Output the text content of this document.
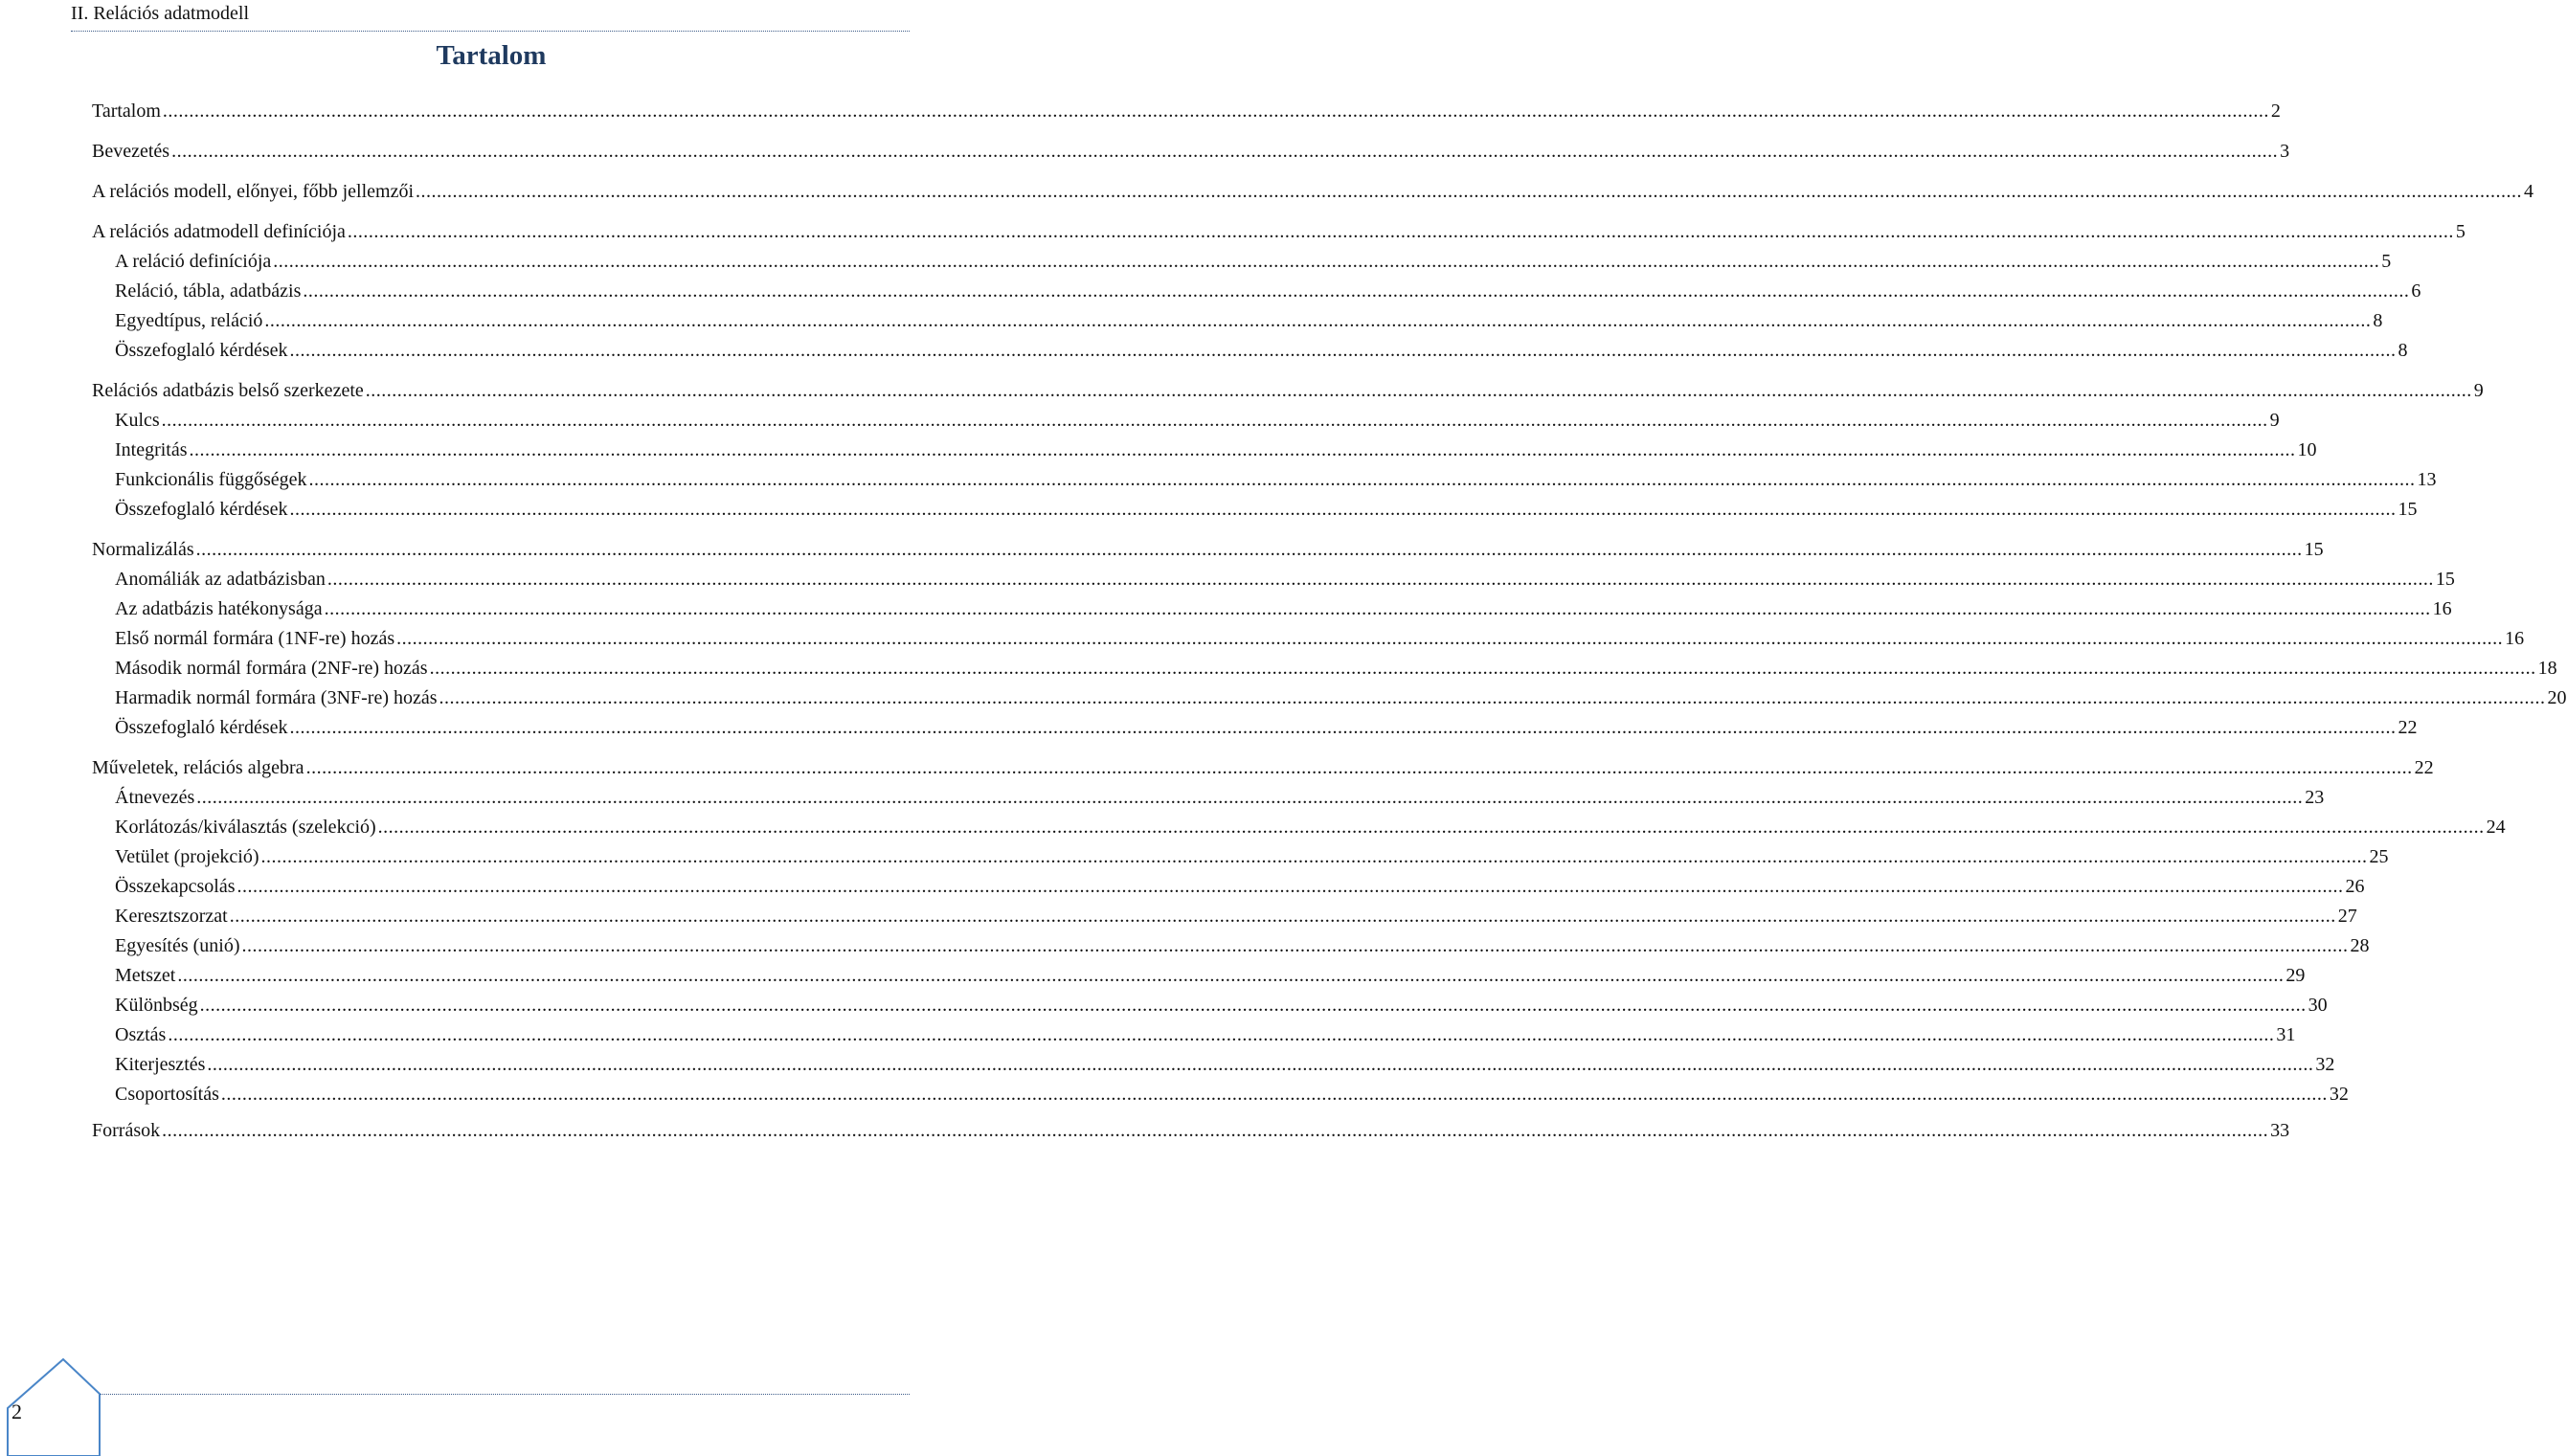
II. Relációs adatmodell
Tartalom
Tartalom ................................................................................................................................................................................................................................................................................................................................................................................................................ 2
Bevezetés ................................................................................................................................................................................................................................................................................................................................................................................................................ 3
A relációs modell, előnyei, főbb jellemzői ................................................................................................................................................................................................................................................................................................................................................................................................................ 4
A relációs adatmodell definíciója ................................................................................................................................................................................................................................................................................................................................................................................................................ 5
A reláció definíciója ................................................................................................................................................................................................................................................................................................................................................................................................................ 5
Reláció, tábla, adatbázis ................................................................................................................................................................................................................................................................................................................................................................................................................ 6
Egyedtípus, reláció ................................................................................................................................................................................................................................................................................................................................................................................................................ 8
Összefoglaló kérdések ................................................................................................................................................................................................................................................................................................................................................................................................................ 8
Relációs adatbázis belső szerkezete ................................................................................................................................................................................................................................................................................................................................................................................................................ 9
Kulcs ................................................................................................................................................................................................................................................................................................................................................................................................................ 9
Integritás ................................................................................................................................................................................................................................................................................................................................................................................................................ 10
Funkcionális függőségek ................................................................................................................................................................................................................................................................................................................................................................................................................ 13
Összefoglaló kérdések ................................................................................................................................................................................................................................................................................................................................................................................................................ 15
Normalizálás ................................................................................................................................................................................................................................................................................................................................................................................................................ 15
Anomáliák az adatbázisban ................................................................................................................................................................................................................................................................................................................................................................................................................ 15
Az adatbázis hatékonysága ................................................................................................................................................................................................................................................................................................................................................................................................................ 16
Első normál formára (1NF-re) hozás ................................................................................................................................................................................................................................................................................................................................................................................................................ 16
Második normál formára (2NF-re) hozás ................................................................................................................................................................................................................................................................................................................................................................................................................ 18
Harmadik normál formára (3NF-re) hozás ................................................................................................................................................................................................................................................................................................................................................................................................................ 20
Összefoglaló kérdések ................................................................................................................................................................................................................................................................................................................................................................................................................ 22
Műveletek, relációs algebra ................................................................................................................................................................................................................................................................................................................................................................................................................ 22
Átnevezés ................................................................................................................................................................................................................................................................................................................................................................................................................ 23
Korlátozás/kiválasztás (szelekció) ................................................................................................................................................................................................................................................................................................................................................................................................................ 24
Vetület (projekció) ................................................................................................................................................................................................................................................................................................................................................................................................................ 25
Összekapcsolás ................................................................................................................................................................................................................................................................................................................................................................................................................ 26
Keresztszorzat ................................................................................................................................................................................................................................................................................................................................................................................................................ 27
Egyesítés (unió) ................................................................................................................................................................................................................................................................................................................................................................................................................ 28
Metszet ................................................................................................................................................................................................................................................................................................................................................................................................................ 29
Különbség ................................................................................................................................................................................................................................................................................................................................................................................................................ 30
Osztás ................................................................................................................................................................................................................................................................................................................................................................................................................ 31
Kiterjesztés ................................................................................................................................................................................................................................................................................................................................................................................................................ 32
Csoportosítás ................................................................................................................................................................................................................................................................................................................................................................................................................ 32
Források ................................................................................................................................................................................................................................................................................................................................................................................................................ 33
2
